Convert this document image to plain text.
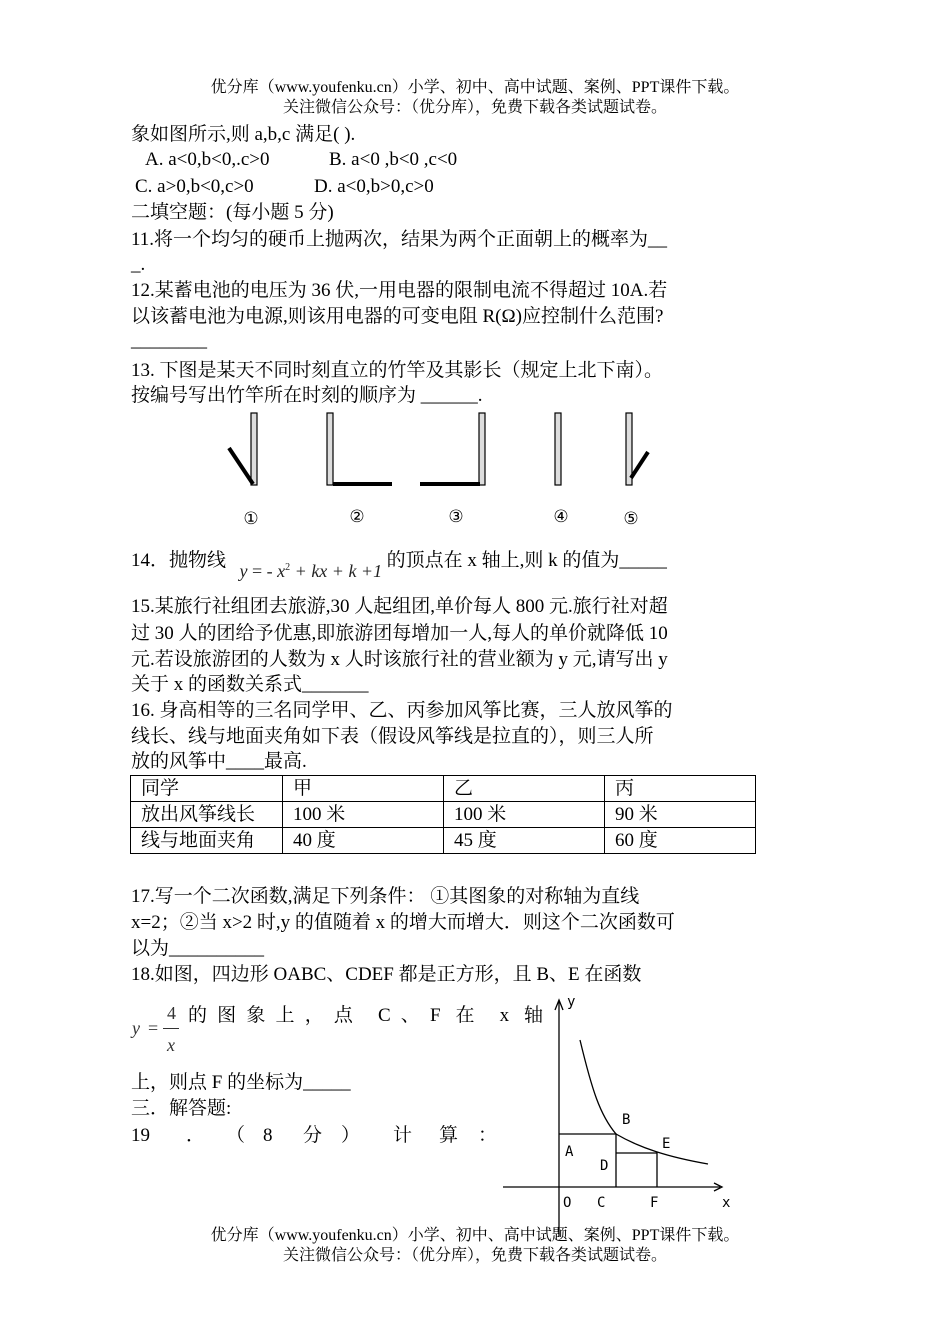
优分库（www.youfenku.cn）小学、初中、高中试题、案例、PPT课件下载。
关注微信公众号：（优分库），免费下载各类试题试卷。
象如图所示,则 a,b,c 满足( ).
A. a<0,b<0,.c>0	B. a<0 ,b<0 ,c<0
C. a>0,b<0,c>0	D. a<0,b>0,c>0
二填空题：(每小题 5 分)
11.将一个均匀的硬币上抛两次，结果为两个正面朝上的概率为__
_.
12.某蓄电池的电压为 36 伏,一用电器的限制电流不得超过 10A.若
以该蓄电池为电源,则该用电器的可变电阻 R(Ω)应控制什么范围?
________
13. 下图是某天不同时刻直立的竹竿及其影长（规定上北下南）。
按编号写出竹竿所在时刻的顺序为 ______.
①	②	③	④	⑤
14．抛物线 y = - $x^2$ + kx + k +1 的顶点在 x 轴上,则 k 的值为_____
15.某旅行社组团去旅游,30 人起组团,单价每人 800 元.旅行社对超
过 30 人的团给予优惠,即旅游团每增加一人,每人的单价就降低 10
元.若设旅游团的人数为 x 人时该旅行社的营业额为 y 元,请写出 y
关于 x 的函数关系式_______
16. 身高相等的三名同学甲、乙、丙参加风筝比赛，三人放风筝的
线长、线与地面夹角如下表（假设风筝线是拉直的），则三人所
放的风筝中____最高.
同学	甲	乙	丙
放出风筝线长	100 米	100 米	90 米
线与地面夹角	40 度	45 度	60 度
17.写一个二次函数,满足下列条件： ①其图象的对称轴为直线
x=2；②当 x>2 时,y 的值随着 x 的增大而增大．则这个二次函数可
以为__________
18.如图，四边形 OABC、CDEF 都是正方形，且 B、E 在函数
y =
4
x
的图象上，点 C、F 在 x 轴
上，则点 F 的坐标为_____
三．解答题:
19 ． （ 8 分 ） 计 算 ：
y
x
O
A
B
C
D
E
F
优分库（www.youfenku.cn）小学、初中、高中试题、案例、PPT课件下载。
关注微信公众号：（优分库），免费下载各类试题试卷。
